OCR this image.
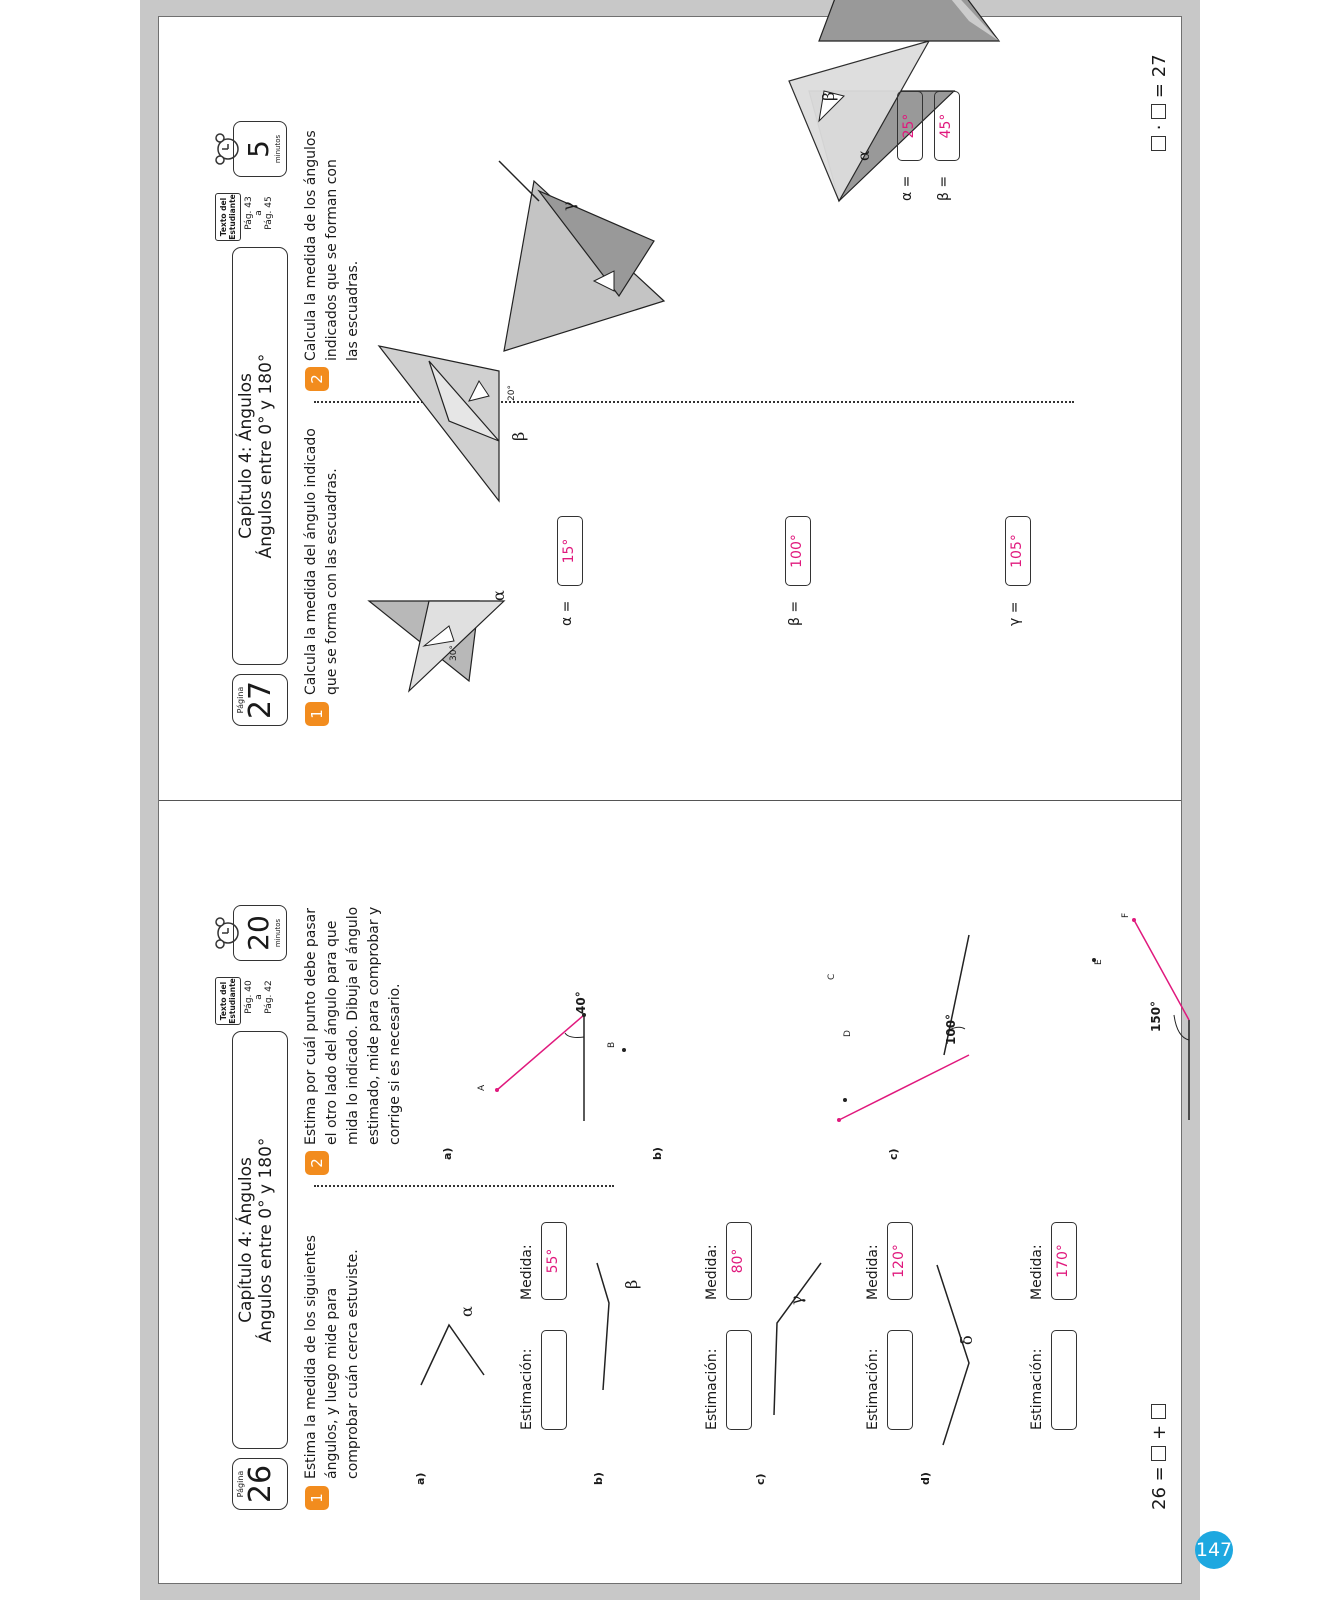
Página
26
Capítulo 4: Ángulos Ángulos entre 0° y 180°
Texto del Estudiante Pág. 40
a
Pág. 42
20 minutos
1
Estima la medida de los siguientes ángulos, y luego mide para comprobar cuán cerca estuviste.	a)	b)	c)	d)
α
β
γ
δ
Estimación:
Medida: 55°
Estimación:
Medida: 80°
Estimación:
Medida: 120°
Estimación:
Medida: 170°
2
Estima por cuál punto debe pasar el otro lado del ángulo para que mida lo indicado. Dibuja el ángulo estimado, mide para comprobar y corrige si es necesario.
a)	b)	c)
A
B
40°
C
D	100°
E
F
150°
26 =  +
Página
27
Capítulo 4: Ángulos Ángulos entre 0° y 180°
Texto del Estudiante Pág. 43
a
Pág. 45
5 minutos
1
Calcula la medida del ángulo indicado que se forma con las escuadras.	30°
α
20°
β
γ
α =
15°
β =
100°
γ =
105°
2
Calcula la medida de los ángulos indicados que se forman con las escuadras.
α
β
α =
25°
β =
45°	·  = 27
147
